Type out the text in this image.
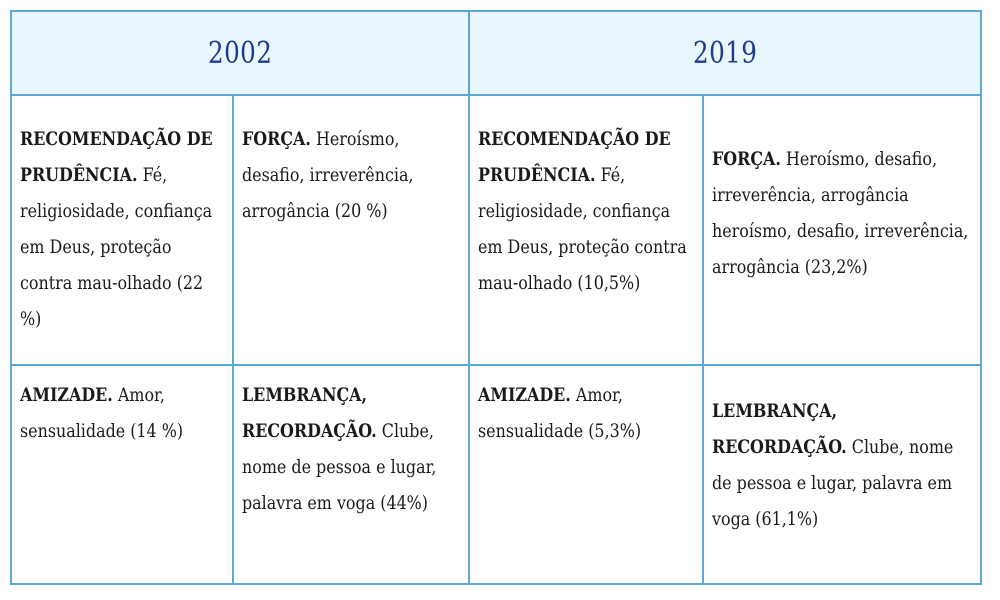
2002		2019	

RECOMENDAÇÃO DE PRUDÊNCIA. Fé, religiosidade, confiança em Deus, proteção contra mau-olhado (22 %)	FORÇA. Heroísmo, desafio, irreverência, arrogância (20 %)	RECOMENDAÇÃO DE PRUDÊNCIA. Fé, religiosidade, confiança em Deus, proteção contra mau-olhado (10,5%)	FORÇA. Heroísmo, desafio, irreverência, arrogância heroísmo, desafio, irreverência, arrogância (23,2%)

AMIZADE. Amor, sensualidade (14 %)	LEMBRANÇA, RECORDAÇÃO. Clube, nome de pessoa e lugar, palavra em voga (44%)	AMIZADE. Amor, sensualidade (5,3%)	LEMBRANÇA, RECORDAÇÃO. Clube, nome de pessoa e lugar, palavra em voga (61,1%)
